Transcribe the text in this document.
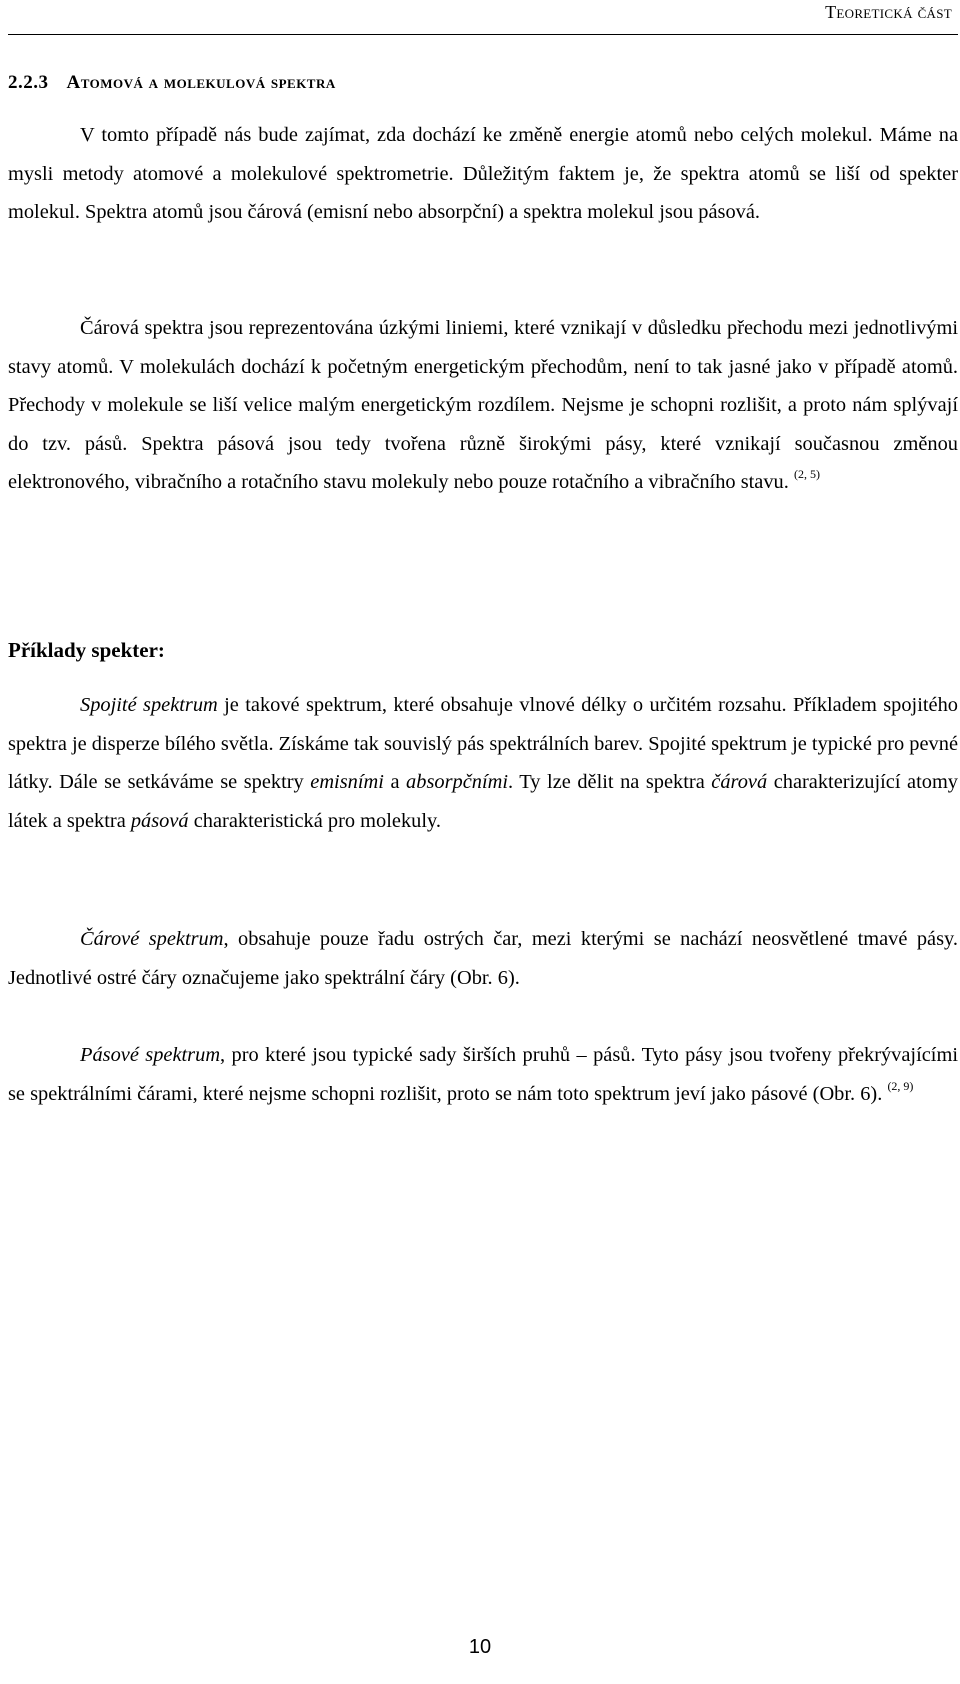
Teoretická část
2.2.3 Atomová a molekulová spektra

V tomto případě nás bude zajímat, zda dochází ke změně energie atomů nebo celých molekul. Máme na mysli metody atomové a molekulové spektrometrie. Důležitým faktem je, že spektra atomů se liší od spekter molekul. Spektra atomů jsou čárová (emisní nebo absorpční) a spektra molekul jsou pásová.

Čárová spektra jsou reprezentována úzkými liniemi, které vznikají v důsledku přechodu mezi jednotlivými stavy atomů. V molekulách dochází k početným energetickým přechodům, není to tak jasné jako v případě atomů. Přechody v molekule se liší velice malým energetickým rozdílem. Nejsme je schopni rozlišit, a proto nám splývají do tzv. pásů. Spektra pásová jsou tedy tvořena různě širokými pásy, které vznikají současnou změnou elektronového, vibračního a rotačního stavu molekuly nebo pouze rotačního a vibračního stavu. $^{(2, 5)}$

Příklady spekter:

Spojité spektrum je takové spektrum, které obsahuje vlnové délky o určitém rozsahu. Příkladem spojitého spektra je disperze bílého světla. Získáme tak souvislý pás spektrálních barev. Spojité spektrum je typické pro pevné látky. Dále se setkáváme se spektry emisními a absorpčními. Ty lze dělit na spektra čárová charakterizující atomy látek a spektra pásová charakteristická pro molekuly.

Čárové spektrum, obsahuje pouze řadu ostrých čar, mezi kterými se nachází neosvětlené tmavé pásy. Jednotlivé ostré čáry označujeme jako spektrální čáry (Obr. 6).

Pásové spektrum, pro které jsou typické sady širších pruhů – pásů. Tyto pásy jsou tvořeny překrývajícími se spektrálními čárami, které nejsme schopni rozlišit, proto se nám toto spektrum jeví jako pásové (Obr. 6). $^{(2, 9)}$

10
